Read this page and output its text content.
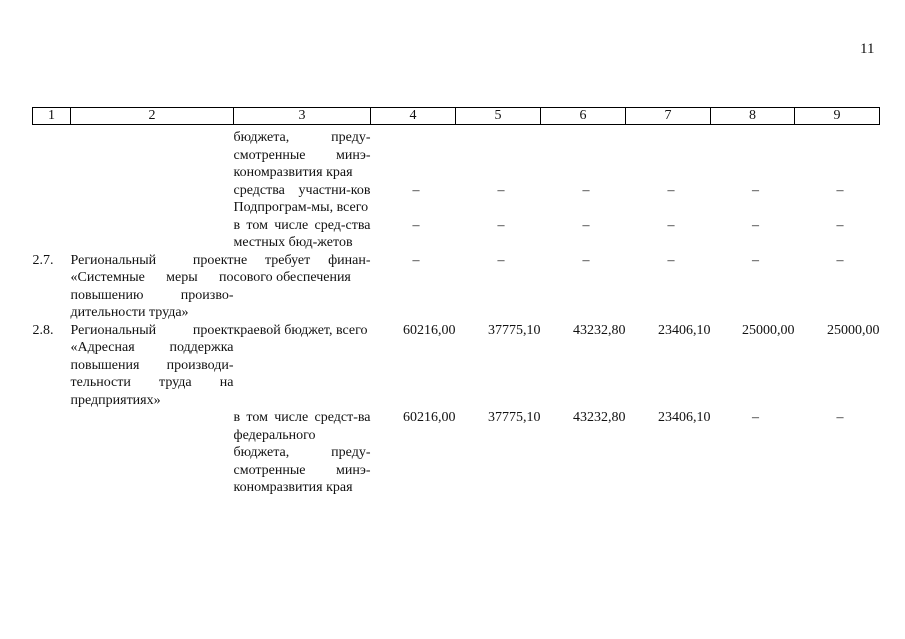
11
1	2	3	4	5	6	7	8	9
		бюджета, преду-смотренные минэ-кономразвития края						
		средства участни-ков Подпрограм-мы, всего	–	–	–	–	–	–
		в том числе сред-ства местных бюд-жетов	–	–	–	–	–	–
2.7.	Региональный проект «Системные меры по повышению произво-дительности труда»	не требует финан-сового обеспечения	–	–	–	–	–	–
2.8.	Региональный проект «Адресная поддержка повышения производи-тельности труда на предприятиях»	краевой бюджет, всего	60216,00	37775,10	43232,80	23406,10	25000,00	25000,00
		в том числе средст-ва федерального бюджета, преду-смотренные минэ-кономразвития края	60216,00	37775,10	43232,80	23406,10	–	–
